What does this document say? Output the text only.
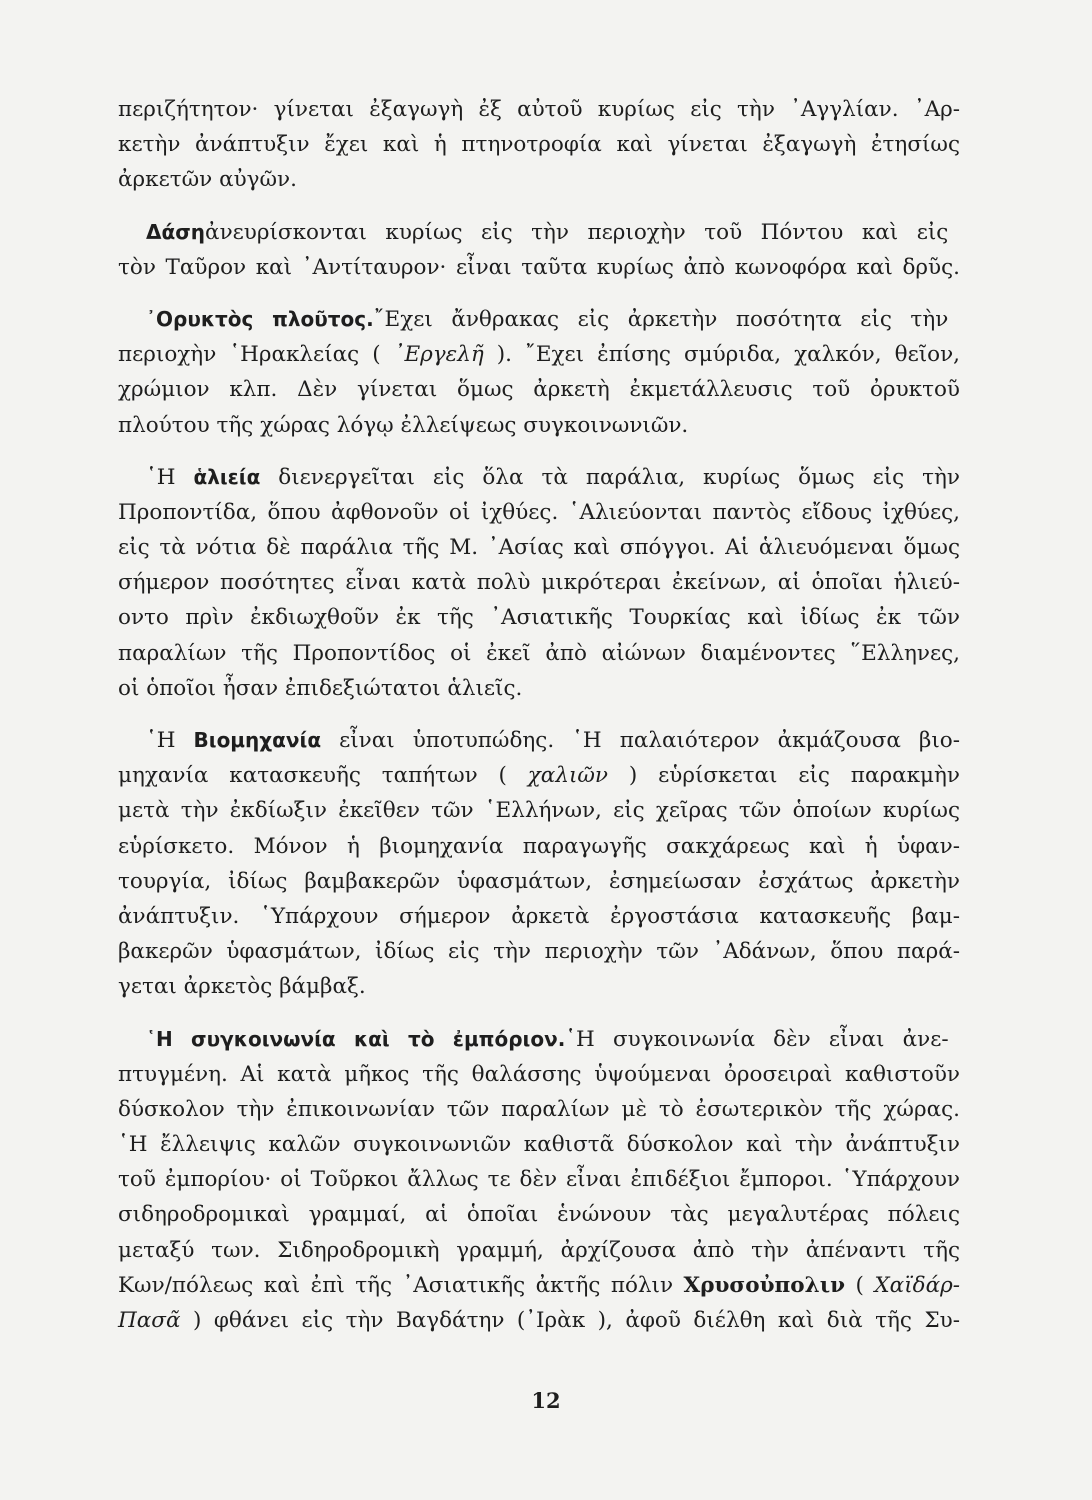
περιζήτητον· γίνεται ἐξαγωγὴ ἐξ αὐτοῦ κυρίως εἰς τὴν ᾿Αγγλίαν. ᾿Αρ-
κετὴν ἀνάπτυξιν ἔχει καὶ ἡ πτηνοτροφία καὶ γίνεται ἐξαγωγὴ ἐτησίως
ἀρκετῶν αὐγῶν.
Δάση ἀνευρίσκονται κυρίως εἰς τὴν περιοχὴν τοῦ Πόντου καὶ εἰς
τὸν Ταῦρον καὶ ᾿Αντίταυρον· εἶναι ταῦτα κυρίως ἀπὸ κωνοφόρα καὶ δρῦς.
᾿Ορυκτὸς πλοῦτος. ῎Εχει ἄνθρακας εἰς ἀρκετὴν ποσότητα εἰς τὴν
περιοχὴν ῾Ηρακλείας ( ᾿Εργελῆ ). ῎Εχει ἐπίσης σμύριδα, χαλκόν, θεῖον,
χρώμιον κλπ. Δὲν γίνεται ὅμως ἀρκετὴ ἐκμετάλλευσις τοῦ ὀρυκτοῦ
πλούτου τῆς χώρας λόγῳ ἐλλείψεως συγκοινωνιῶν.
῾Η ἁλιεία διενεργεῖται εἰς ὅλα τὰ παράλια, κυρίως ὅμως εἰς τὴν
Προποντίδα, ὅπου ἀφθονοῦν οἱ ἰχθύες. ῾Αλιεύονται παντὸς εἴδους ἰχθύες,
εἰς τὰ νότια δὲ παράλια τῆς Μ. ᾿Ασίας καὶ σπόγγοι. Αἱ ἁλιευόμεναι ὅμως
σήμερον ποσότητες εἶναι κατὰ πολὺ μικρότεραι ἐκείνων, αἱ ὁποῖαι ἡλιεύ-
οντο πρὶν ἐκδιωχθοῦν ἐκ τῆς ᾿Ασιατικῆς Τουρκίας καὶ ἰδίως ἐκ τῶν
παραλίων τῆς Προποντίδος οἱ ἐκεῖ ἀπὸ αἰώνων διαμένοντες ῞Ελληνες,
οἱ ὁποῖοι ἦσαν ἐπιδεξιώτατοι ἁλιεῖς.
῾Η Βιομηχανία εἶναι ὑποτυπώδης. ῾Η παλαιότερον ἀκμάζουσα βιο-
μηχανία κατασκευῆς ταπήτων ( χαλιῶν ) εὑρίσκεται εἰς παρακμὴν
μετὰ τὴν ἐκδίωξιν ἐκεῖθεν τῶν ῾Ελλήνων, εἰς χεῖρας τῶν ὁποίων κυρίως
εὑρίσκετο. Μόνον ἡ βιομηχανία παραγωγῆς σακχάρεως καὶ ἡ ὑφαν-
τουργία, ἰδίως βαμβακερῶν ὑφασμάτων, ἐσημείωσαν ἐσχάτως ἀρκετὴν
ἀνάπτυξιν. ῾Υπάρχουν σήμερον ἀρκετὰ ἐργοστάσια κατασκευῆς βαμ-
βακερῶν ὑφασμάτων, ἰδίως εἰς τὴν περιοχὴν τῶν ᾿Αδάνων, ὅπου παρά-
γεται ἀρκετὸς βάμβαξ.
῾Η συγκοινωνία καὶ τὸ ἐμπόριον. ῾Η συγκοινωνία δὲν εἶναι ἀνε-
πτυγμένη. Αἱ κατὰ μῆκος τῆς θαλάσσης ὑψούμεναι ὀροσειραὶ καθιστοῦν
δύσκολον τὴν ἐπικοινωνίαν τῶν παραλίων μὲ τὸ ἐσωτερικὸν τῆς χώρας.
῾Η ἔλλειψις καλῶν συγκοινωνιῶν καθιστᾶ δύσκολον καὶ τὴν ἀνάπτυξιν
τοῦ ἐμπορίου· οἱ Τοῦρκοι ἄλλως τε δὲν εἶναι ἐπιδέξιοι ἔμποροι. ῾Υπάρχουν
σιδηροδρομικαὶ γραμμαί, αἱ ὁποῖαι ἑνώνουν τὰς μεγαλυτέρας πόλεις
μεταξύ των. Σιδηροδρομικὴ γραμμή, ἀρχίζουσα ἀπὸ τὴν ἀπέναντι τῆς
Κων/πόλεως καὶ ἐπὶ τῆς ᾿Ασιατικῆς ἀκτῆς πόλιν Χρυσοὐπολιν ( Χαϊδάρ-
Πασᾶ ) φθάνει εἰς τὴν Βαγδάτην (᾿Ιρὰκ ), ἀφοῦ διέλθη καὶ διὰ τῆς Συ-
12
